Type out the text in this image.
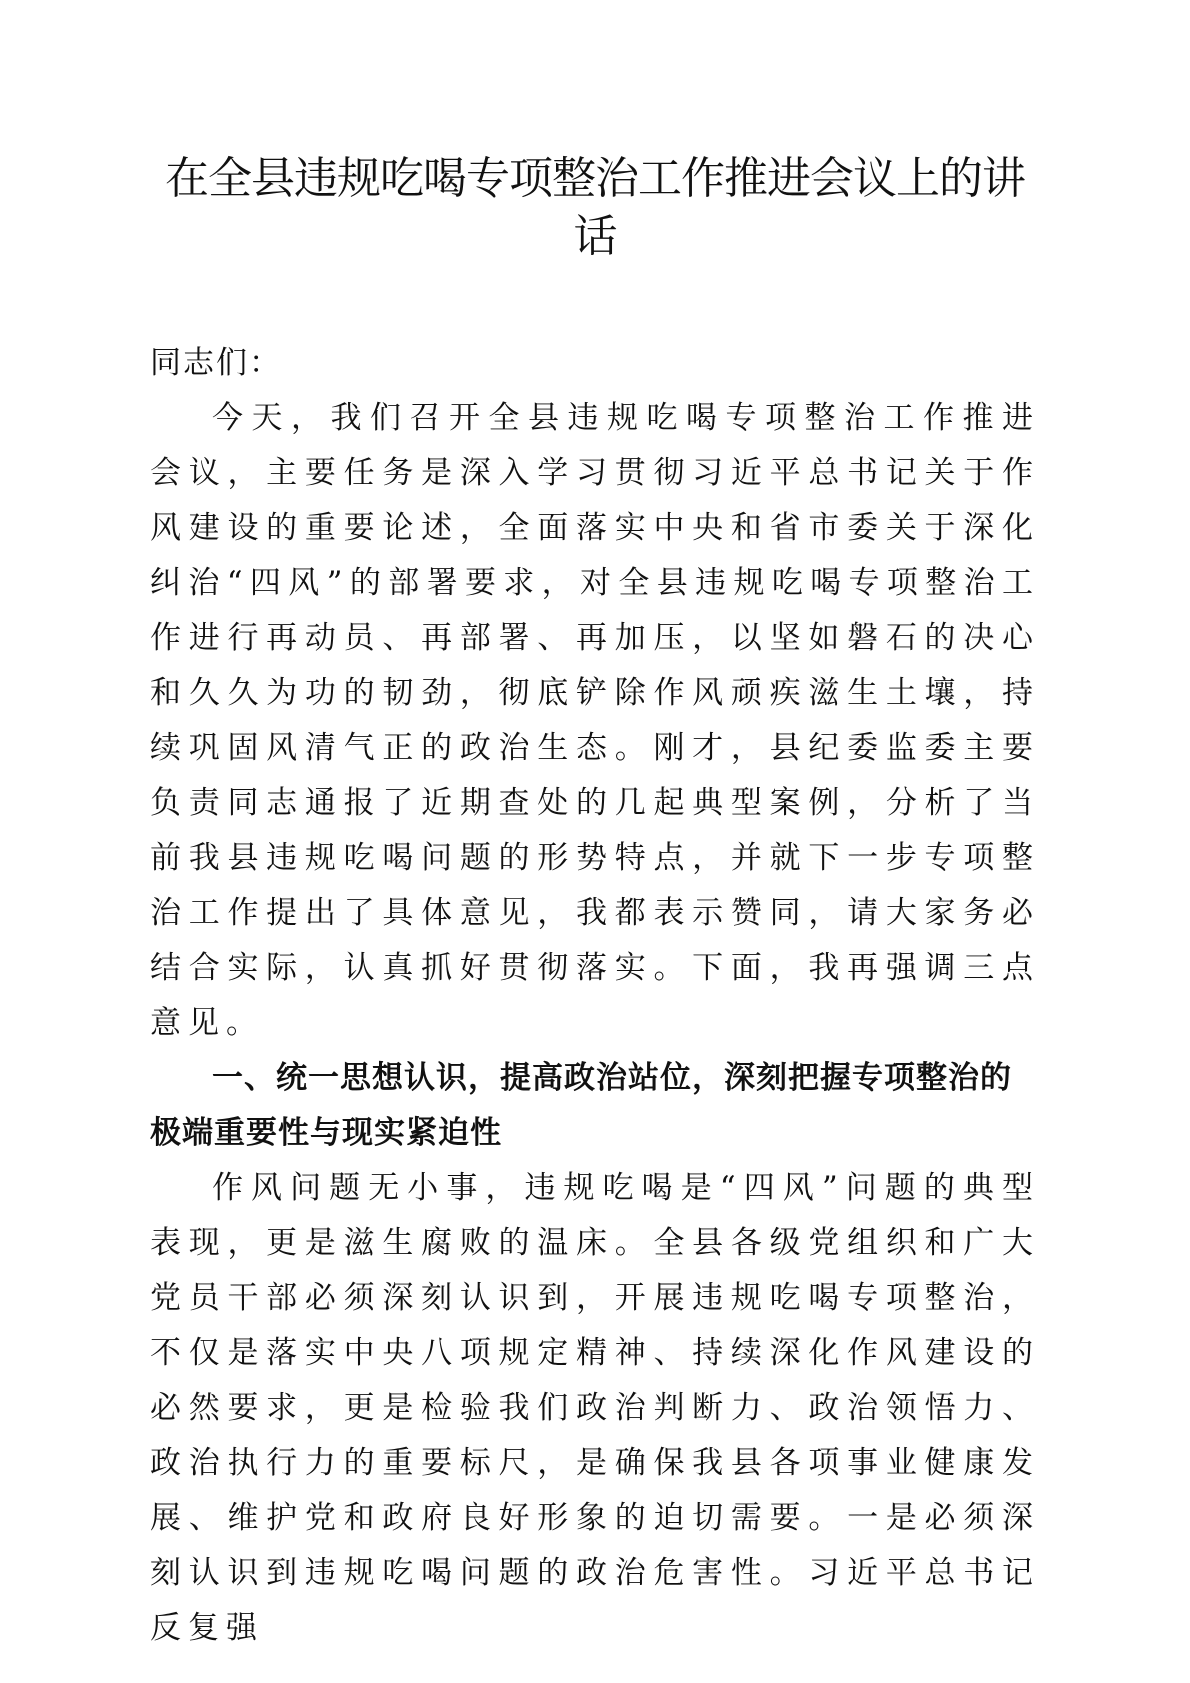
在全县违规吃喝专项整治工作推进会议上的讲话

同志们：

今天，我们召开全县违规吃喝专项整治工作推进会议，主要任务是深入学习贯彻习近平总书记关于作风建设的重要论述，全面落实中央和省市委关于深化纠治“四风”的部署要求，对全县违规吃喝专项整治工作进行再动员、再部署、再加压，以坚如磐石的决心和久久为功的韧劲，彻底铲除作风顽疾滋生土壤，持续巩固风清气正的政治生态。刚才，县纪委监委主要负责同志通报了近期查处的几起典型案例，分析了当前我县违规吃喝问题的形势特点，并就下一步专项整治工作提出了具体意见，我都表示赞同，请大家务必结合实际，认真抓好贯彻落实。下面，我再强调三点意见。

一、统一思想认识，提高政治站位，深刻把握专项整治的极端重要性与现实紧迫性

作风问题无小事，违规吃喝是“四风”问题的典型表现，更是滋生腐败的温床。全县各级党组织和广大党员干部必须深刻认识到，开展违规吃喝专项整治，不仅是落实中央八项规定精神、持续深化作风建设的必然要求，更是检验我们政治判断力、政治领悟力、政治执行力的重要标尺，是确保我县各项事业健康发展、维护党和政府良好形象的迫切需要。一是必须深刻认识到违规吃喝问题的政治危害性。习近平总书记反复强
